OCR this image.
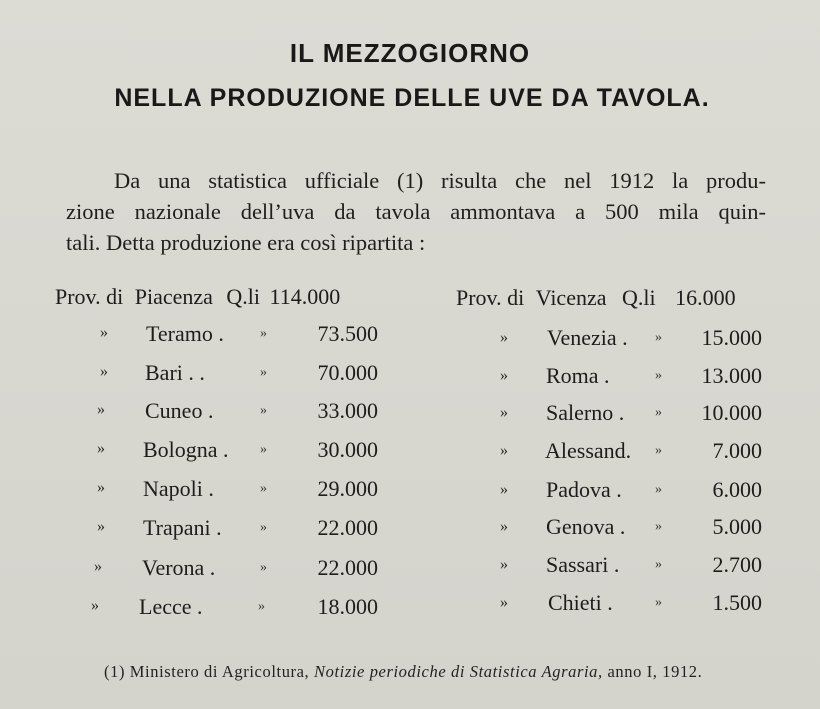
IL MEZZOGIORNO
NELLA PRODUZIONE DELLE UVE DA TAVOLA.
Da una statistica ufficiale (1) risulta che nel 1912 la produ-
zione nazionale dell’uva da tavola ammontava a 500 mila quin-
tali. Detta produzione era così ripartita :
Prov. di Piacenza Q.li 114.000	Prov. di Vicenza Q.li 16.000
» Teramo .	»	73.500
» Bari . .	»	70.000
» Cuneo .	»	33.000
» Bologna . »	30.000
» Napoli .	»	29.000
» Trapani .	»	22.000
» Verona .	»	22.000
» Lecce .	»	18.000
» Venezia . »	15.000
» Roma .	»	13.000
» Salerno . »	10.000
» Alessand. »	7.000
» Padova . »	6.000
» Genova . »	5.000
» Sassari .	»	2.700
» Chieti .	»	1.500
(1) Ministero di Agricoltura, Notizie periodiche di Statistica Agraria, anno I, 1912.
